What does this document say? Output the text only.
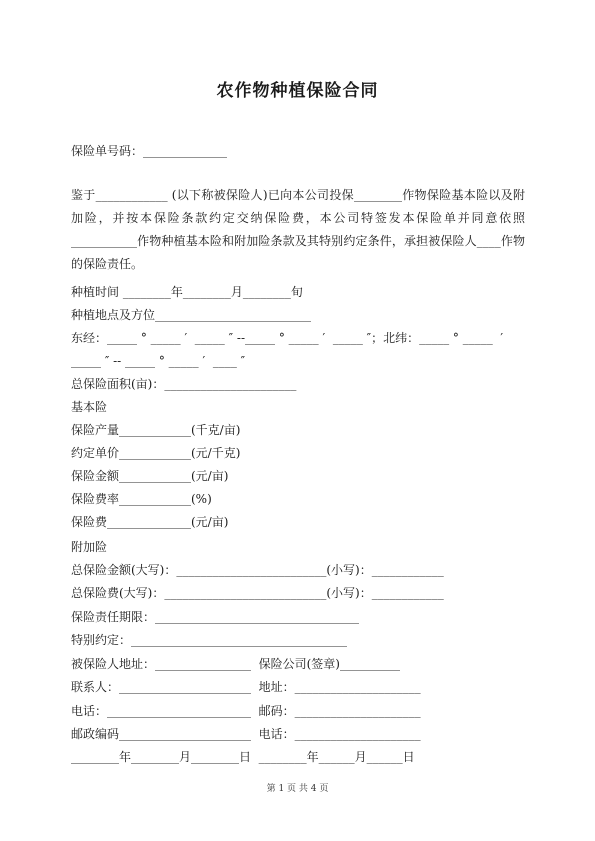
农作物种植保险合同
保险单号码：______________
鉴于____________ (以下称被保险人)已向本公司投保________作物保险基本险以及附加险，并按本保险条款约定交纳保险费，本公司特签发本保险单并同意依照___________作物种植基本险和附加险条款及其特别约定条件，承担被保险人____作物的保险责任。
种植时间 ________年________月________旬
种植地点及方位__________________________
东经：_____ ° _____ ′  _____ ″ --_____ ° _____ ′  _____ ″；北纬：_____ ° _____  ′
_____ ″ -- _____ ° _____ ′  ____ ″
总保险面积(亩)：______________________
基本险
保险产量____________(千克/亩)
约定单价____________(元/千克)
保险金额____________(元/亩)
保险费率____________(%)
保险费______________(元/亩)
附加险
总保险金额(大写)：_________________________(小写)：____________
总保险费(大写)：___________________________(小写)：____________
保险责任期限：__________________________________
特别约定：____________________________________
被保险人地址：________________  保险公司(签章)__________
联系人：______________________  地址：_____________________
电话：________________________  邮码：_____________________
邮政编码______________________  电话：_____________________
________年________月________日  ________年______月______日
第 1 页 共 4 页
